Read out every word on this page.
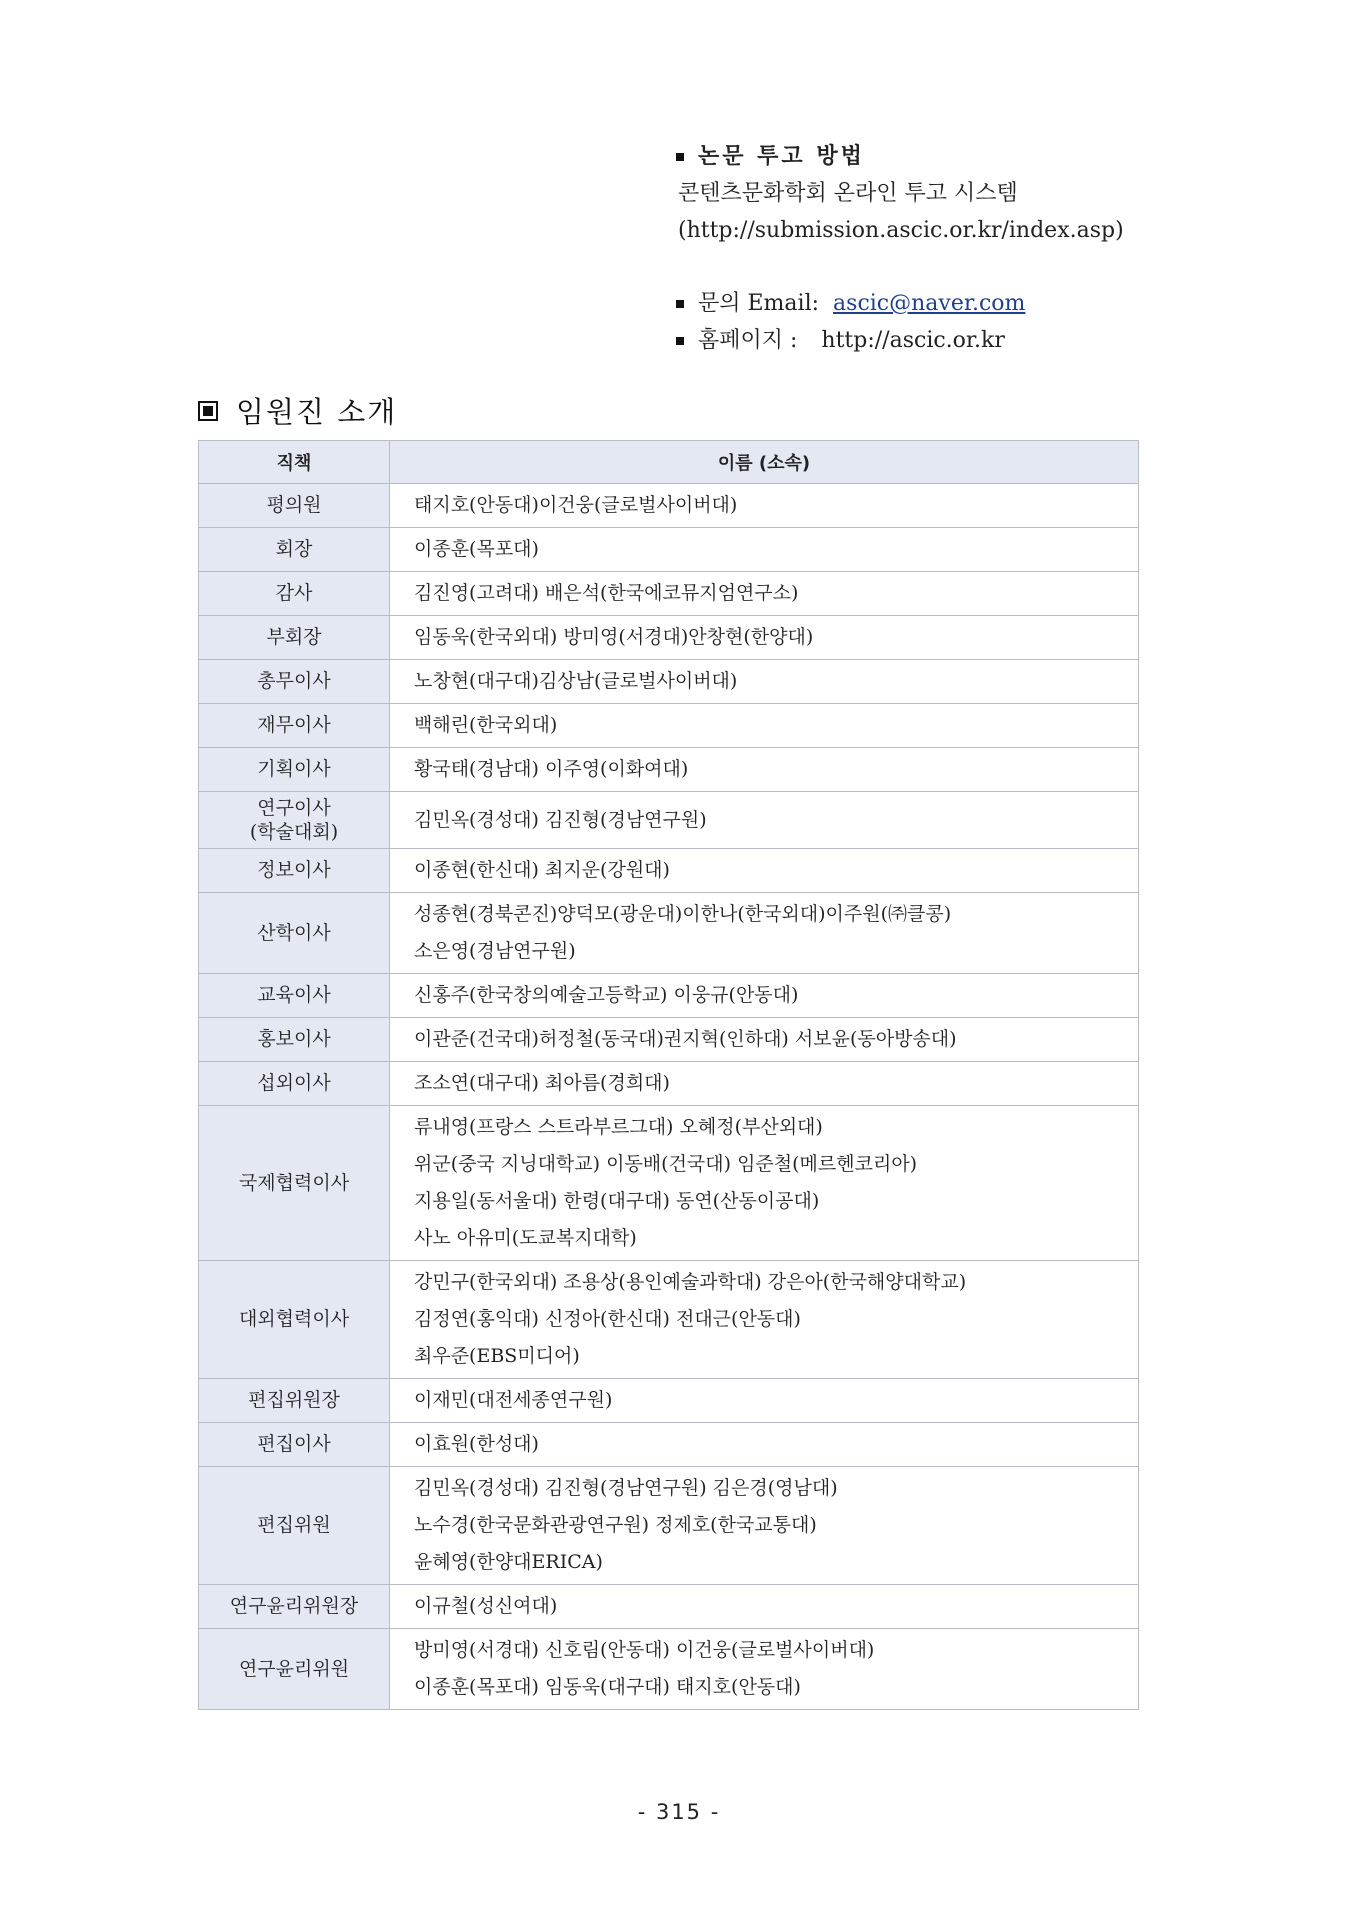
논문 투고 방법
콘텐츠문화학회 온라인 투고 시스템
(http://submission.ascic.or.kr/index.asp)
문의 Email: ascic@naver.com
홈페이지 : http://ascic.or.kr
임원진 소개
직책	이름 (소속)

평의원	태지호(안동대)이건웅(글로벌사이버대)

회장	이종훈(목포대)

감사	김진영(고려대) 배은석(한국에코뮤지엄연구소)

부회장	임동욱(한국외대) 방미영(서경대)안창현(한양대)

총무이사	노창현(대구대)김상남(글로벌사이버대)

재무이사	백해린(한국외대)

기획이사	황국태(경남대) 이주영(이화여대)

연구이사
(학술대회)	김민옥(경성대) 김진형(경남연구원)

정보이사	이종현(한신대) 최지운(강원대)

산학이사	성종현(경북콘진)양덕모(광운대)이한나(한국외대)이주원(㈜클콩)
소은영(경남연구원)

교육이사	신홍주(한국창의예술고등학교) 이웅규(안동대)

홍보이사	이관준(건국대)허정철(동국대)권지혁(인하대) 서보윤(동아방송대)

섭외이사	조소연(대구대) 최아름(경희대)

국제협력이사	류내영(프랑스 스트라부르그대) 오혜정(부산외대)
위군(중국 지닝대학교) 이동배(건국대) 임준철(메르헨코리아)
지용일(동서울대) 한령(대구대) 동연(산동이공대)
사노 아유미(도쿄복지대학)

대외협력이사	강민구(한국외대) 조용상(용인예술과학대) 강은아(한국해양대학교)
김정연(홍익대) 신정아(한신대) 전대근(안동대)
최우준(EBS미디어)

편집위원장	이재민(대전세종연구원)

편집이사	이효원(한성대)

편집위원	김민옥(경성대) 김진형(경남연구원) 김은경(영남대)
노수경(한국문화관광연구원) 정제호(한국교통대)
윤혜영(한양대ERICA)

연구윤리위원장	이규철(성신여대)

연구윤리위원	방미영(서경대) 신호림(안동대) 이건웅(글로벌사이버대)
이종훈(목포대) 임동욱(대구대) 태지호(안동대)
- 315 -
